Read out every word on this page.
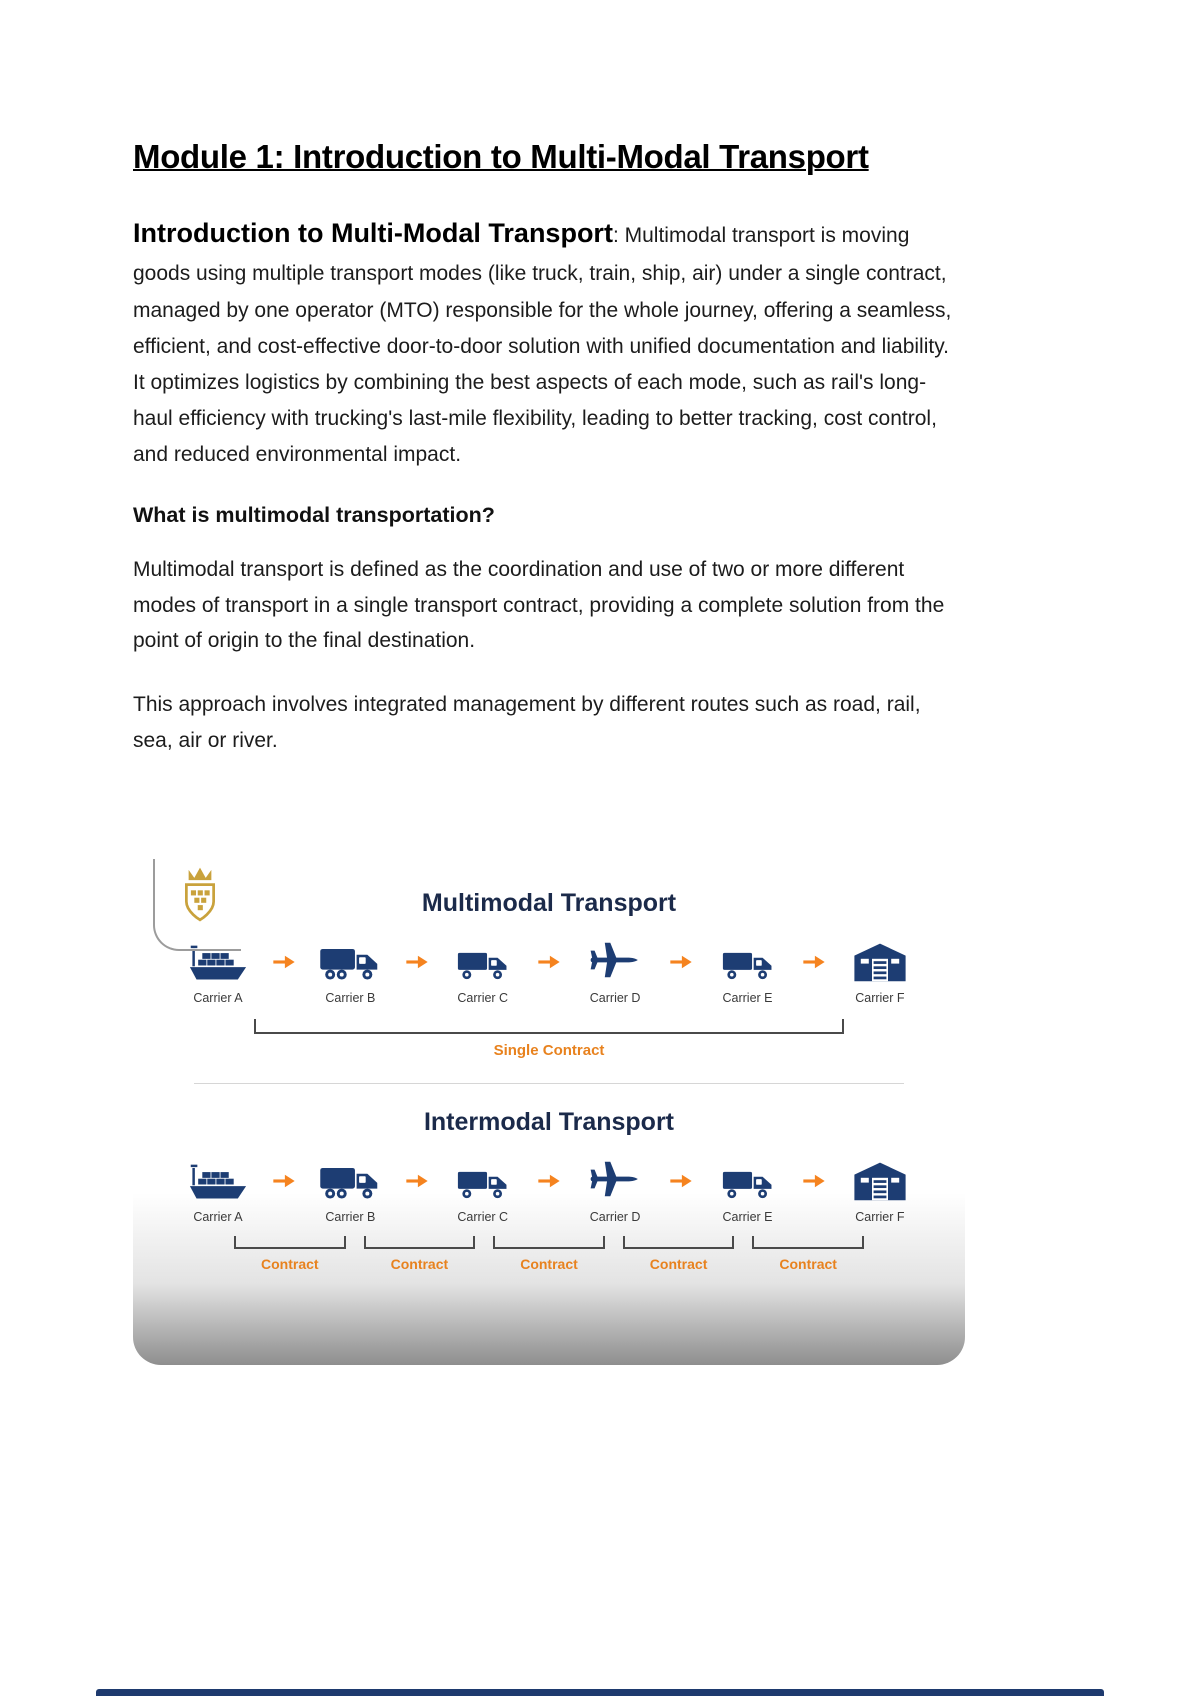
Module 1: Introduction to Multi-Modal Transport

Introduction to Multi-Modal Transport: Multimodal transport is moving goods using multiple transport modes (like truck, train, ship, air) under a single contract, managed by one operator (MTO) responsible for the whole journey, offering a seamless, efficient, and cost-effective door-to-door solution with unified documentation and liability. It optimizes logistics by combining the best aspects of each mode, such as rail's long-haul efficiency with trucking's last-mile flexibility, leading to better tracking, cost control, and reduced environmental impact.

What is multimodal transportation?

Multimodal transport is defined as the coordination and use of two or more different modes of transport in a single transport contract, providing a complete solution from the point of origin to the final destination.

This approach involves integrated management by different routes such as road, rail, sea, air or river.

Multimodal Transport
Carrier A	Carrier B	Carrier C	Carrier D	Carrier E	Carrier F
Single Contract
Intermodal Transport
Carrier A	Carrier B	Carrier C	Carrier D	Carrier E	Carrier F
Contract	Contract	Contract	Contract	Contract
